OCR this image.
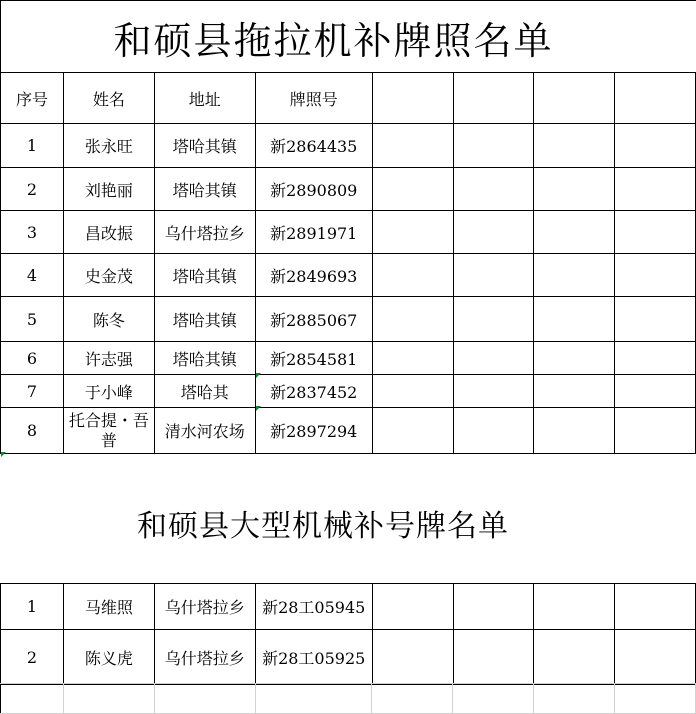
和硕县拖拉机补牌照名单
序号	姓名	地址	牌照号				
1	张永旺	塔哈其镇	新2864435				
2	刘艳丽	塔哈其镇	新2890809				
3	昌改振	乌什塔拉乡	新2891971				
4	史金茂	塔哈其镇	新2849693				
5	陈冬	塔哈其镇	新2885067				
6	许志强	塔哈其镇	新2854581				
7	于小峰	塔哈其	新2837452				
8	托合提・吾普	清水河农场	新2897294				
和硕县大型机械补号牌名单
1	马维照	乌什塔拉乡	新28工05945				
2	陈义虎	乌什塔拉乡	新28工05925				
